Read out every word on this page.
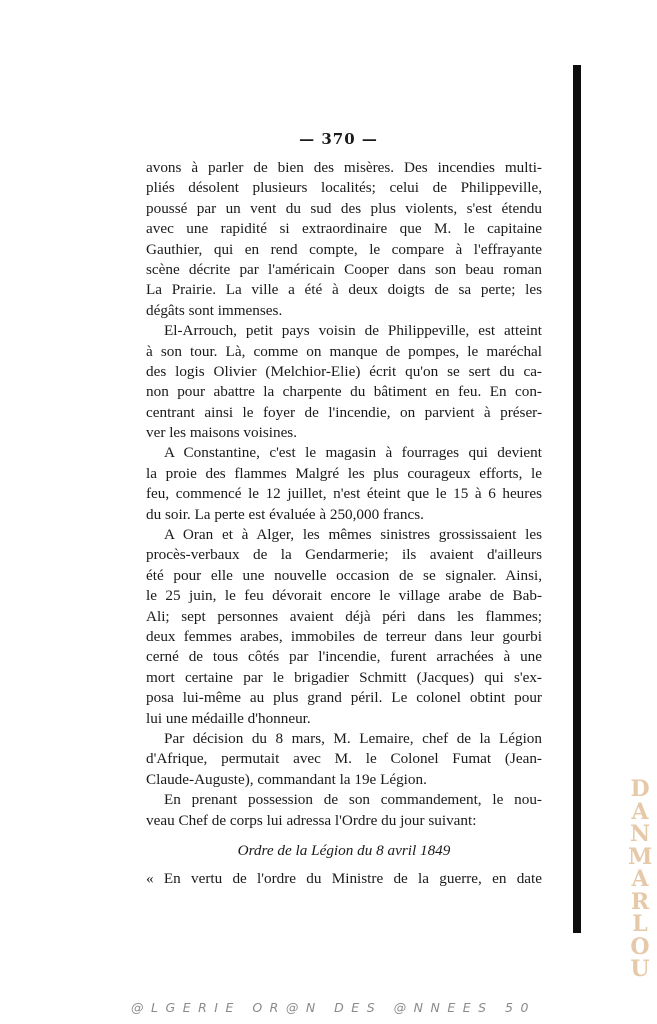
— 370 —
avons à parler de bien des misères. Des incendies multi-
pliés désolent plusieurs localités; celui de Philippeville,
poussé par un vent du sud des plus violents, s'est étendu
avec une rapidité si extraordinaire que M. le capitaine
Gauthier, qui en rend compte, le compare à l'effrayante
scène décrite par l'américain Cooper dans son beau roman
La Prairie. La ville a été à deux doigts de sa perte; les
dégâts sont immenses.
El-Arrouch, petit pays voisin de Philippeville, est atteint
à son tour. Là, comme on manque de pompes, le maréchal
des logis Olivier (Melchior-Elie) écrit qu'on se sert du ca-
non pour abattre la charpente du bâtiment en feu. En con-
centrant ainsi le foyer de l'incendie, on parvient à préser-
ver les maisons voisines.
A Constantine, c'est le magasin à fourrages qui devient
la proie des flammes Malgré les plus courageux efforts, le
feu, commencé le 12 juillet, n'est éteint que le 15 à 6 heures
du soir. La perte est évaluée à 250,000 francs.
A Oran et à Alger, les mêmes sinistres grossissaient les
procès-verbaux de la Gendarmerie; ils avaient d'ailleurs
été pour elle une nouvelle occasion de se signaler. Ainsi,
le 25 juin, le feu dévorait encore le village arabe de Bab-
Ali; sept personnes avaient déjà péri dans les flammes;
deux femmes arabes, immobiles de terreur dans leur gourbi
cerné de tous côtés par l'incendie, furent arrachées à une
mort certaine par le brigadier Schmitt (Jacques) qui s'ex-
posa lui-même au plus grand péril. Le colonel obtint pour
lui une médaille d'honneur.
Par décision du 8 mars, M. Lemaire, chef de la Légion
d'Afrique, permutait avec M. le Colonel Fumat (Jean-
Claude-Auguste), commandant la 19e Légion.
En prenant possession de son commandement, le nou-
veau Chef de corps lui adressa l'Ordre du jour suivant:
Ordre de la Légion du 8 avril 1849
« En vertu de l'ordre du Ministre de la guerre, en date
D
A
N
M
A
R
L
O
U
@LGERIE OR@N DES @NNEES 50
